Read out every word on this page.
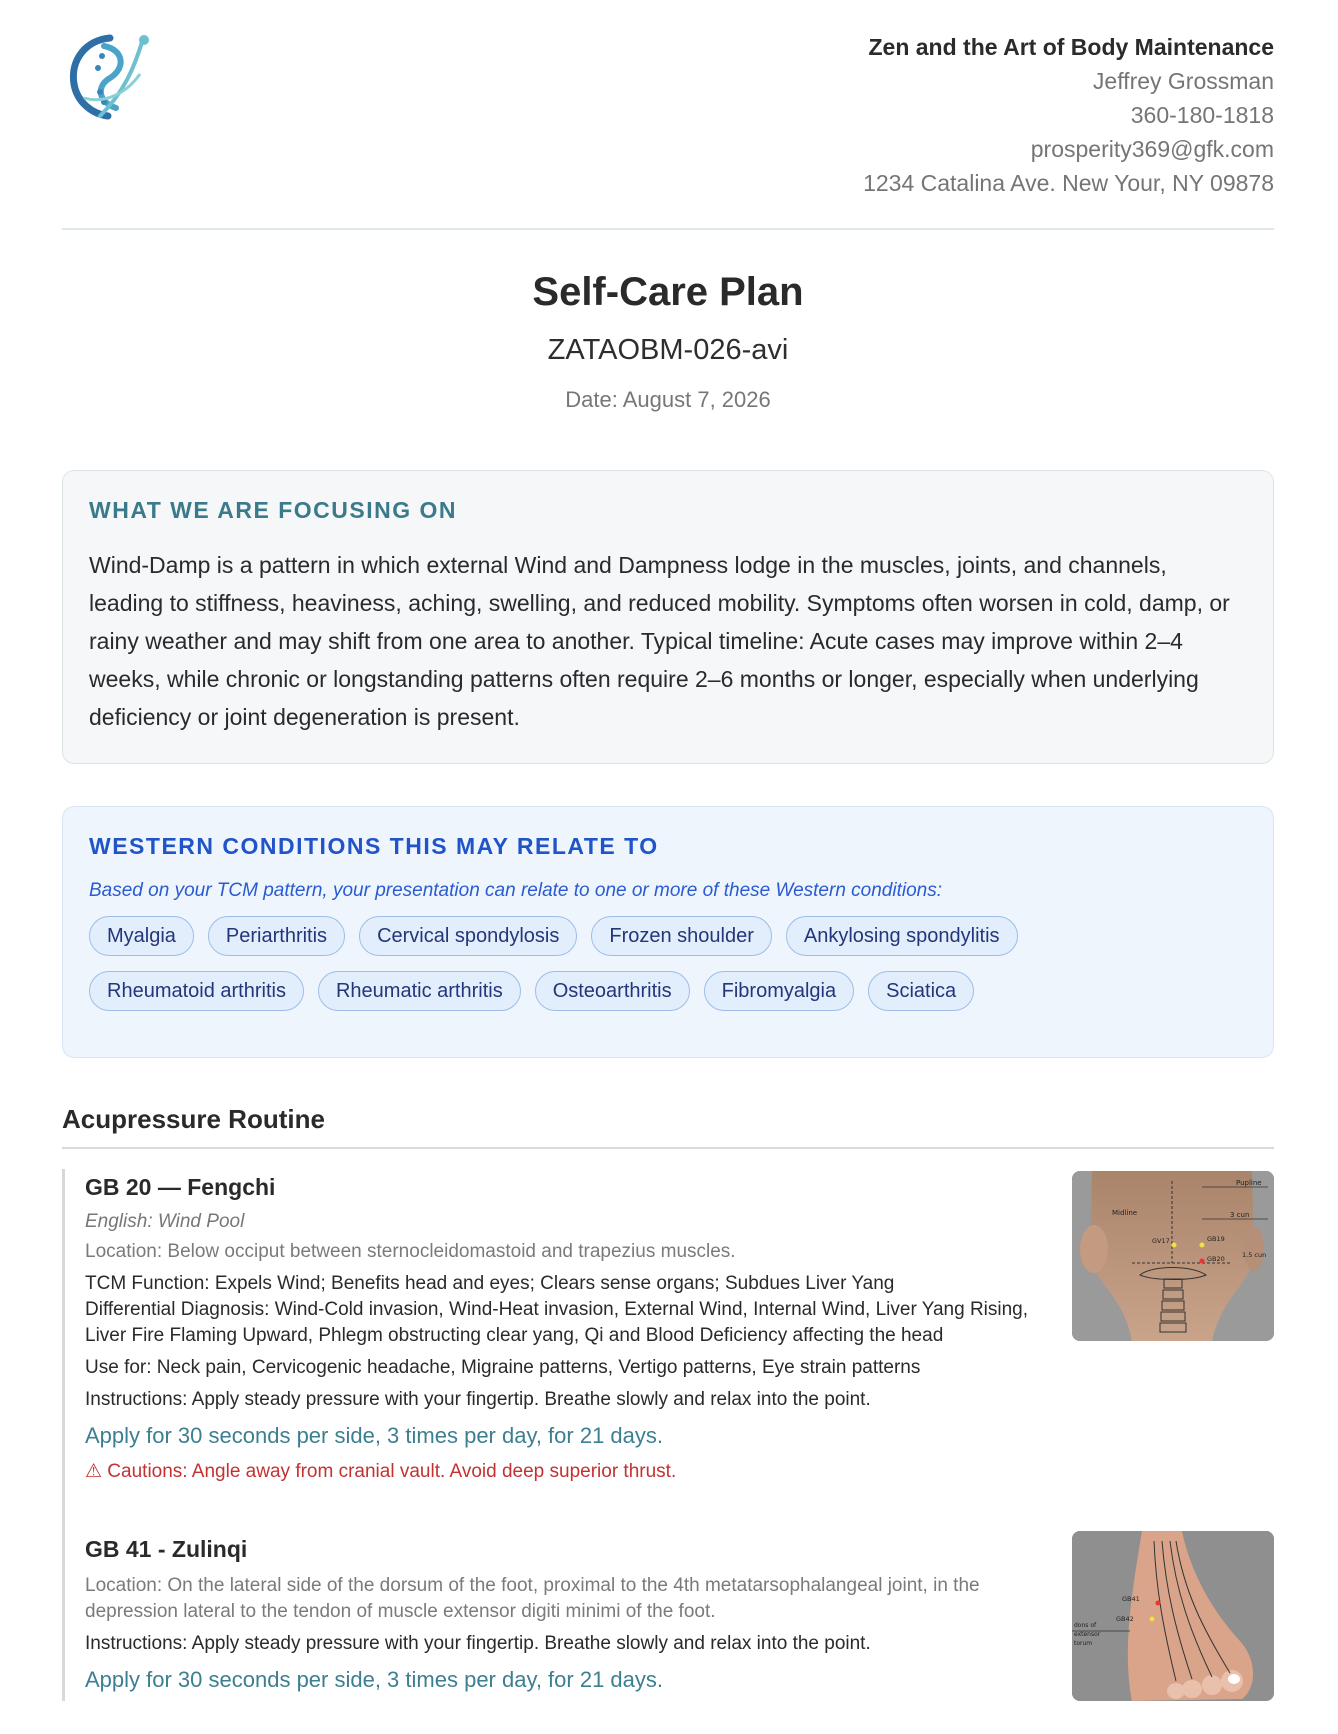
Zen and the Art of Body Maintenance
Jeffrey Grossman
360-180-1818
prosperity369@gfk.com
1234 Catalina Ave. New Your, NY 09878
Self-Care Plan
ZATAOBM-026-avi
Date: August 7, 2026
WHAT WE ARE FOCUSING ON
Wind-Damp is a pattern in which external Wind and Dampness lodge in the muscles, joints, and channels, leading to stiffness, heaviness, aching, swelling, and reduced mobility. Symptoms often worsen in cold, damp, or rainy weather and may shift from one area to another. Typical timeline: Acute cases may improve within 2–4 weeks, while chronic or longstanding patterns often require 2–6 months or longer, especially when underlying deficiency or joint degeneration is present.
WESTERN CONDITIONS THIS MAY RELATE TO
Based on your TCM pattern, your presentation can relate to one or more of these Western conditions:
Myalgia	Periarthritis	Cervical spondylosis	Frozen shoulder	Ankylosing spondylitis
Rheumatoid arthritis	Rheumatic arthritis	Osteoarthritis	Fibromyalgia	Sciatica
Acupressure Routine
GB 20 — Fengchi
English: Wind Pool
Location: Below occiput between sternocleidomastoid and trapezius muscles.
TCM Function: Expels Wind; Benefits head and eyes; Clears sense organs; Subdues Liver Yang
Differential Diagnosis: Wind-Cold invasion, Wind-Heat invasion, External Wind, Internal Wind, Liver Yang Rising, Liver Fire Flaming Upward, Phlegm obstructing clear yang, Qi and Blood Deficiency affecting the head
Use for: Neck pain, Cervicogenic headache, Migraine patterns, Vertigo patterns, Eye strain patterns
Instructions: Apply steady pressure with your fingertip. Breathe slowly and relax into the point.
Apply for 30 seconds per side, 3 times per day, for 21 days.
⚠ Cautions: Angle away from cranial vault. Avoid deep superior thrust.
Pupline
Midline	3 cun
GV17	GB19
GB20	1.5 cun
GB 41 - Zulinqi
Location: On the lateral side of the dorsum of the foot, proximal to the 4th metatarsophalangeal joint, in the depression lateral to the tendon of muscle extensor digiti minimi of the foot.
Instructions: Apply steady pressure with your fingertip. Breathe slowly and relax into the point.
Apply for 30 seconds per side, 3 times per day, for 21 days.
GB41
GB42
dons of
extensor
torum
